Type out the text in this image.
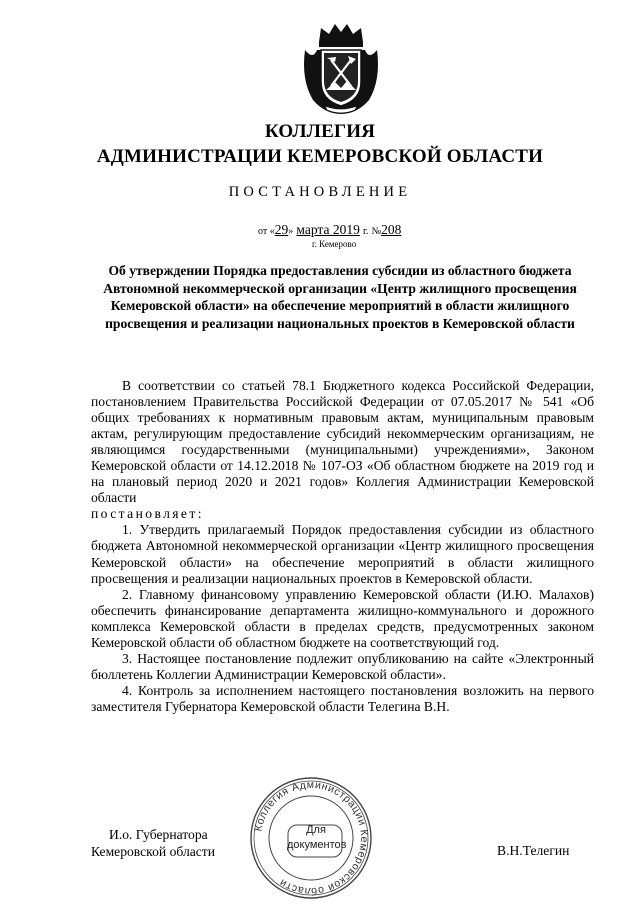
КОЛЛЕГИЯ
АДМИНИСТРАЦИИ КЕМЕРОВСКОЙ ОБЛАСТИ
ПОСТАНОВЛЕНИЕ
от «29» марта 2019 г. №208
г. Кемерово
Об утверждении Порядка предоставления субсидии из областного бюджета Автономной некоммерческой организации «Центр жилищного просвещения Кемеровской области» на обеспечение мероприятий в области жилищного просвещения и реализации национальных проектов в Кемеровской области

В соответствии со статьей 78.1 Бюджетного кодекса Российской Федерации, постановлением Правительства Российской Федерации от 07.05.2017 № 541 «Об общих требованиях к нормативным правовым актам, муниципальным правовым актам, регулирующим предоставление субсидий некоммерческим организациям, не являющимся государственными (муниципальными) учреждениями», Законом Кемеровской области от 14.12.2018 № 107-ОЗ «Об областном бюджете на 2019 год и на плановый период 2020 и 2021 годов» Коллегия Администрации Кемеровской области

постановляет:

1. Утвердить прилагаемый Порядок предоставления субсидии из областного бюджета Автономной некоммерческой организации «Центр жилищного просвещения Кемеровской области» на обеспечение мероприятий в области жилищного просвещения и реализации национальных проектов в Кемеровской области.

2. Главному финансовому управлению Кемеровской области (И.Ю. Малахов) обеспечить финансирование департамента жилищно-коммунального и дорожного комплекса Кемеровской области в пределах средств, предусмотренных законом Кемеровской области об областном бюджете на соответствующий год.

3. Настоящее постановление подлежит опубликованию на сайте «Электронный бюллетень Коллегии Администрации Кемеровской области».

4. Контроль за исполнением настоящего постановления возложить на первого заместителя Губернатора Кемеровской области Телегина В.Н.

И.о. Губернатора
Кемеровской области	В.Н.Телегин
Коллегия Администрации Кемеровской области
Для
документов
